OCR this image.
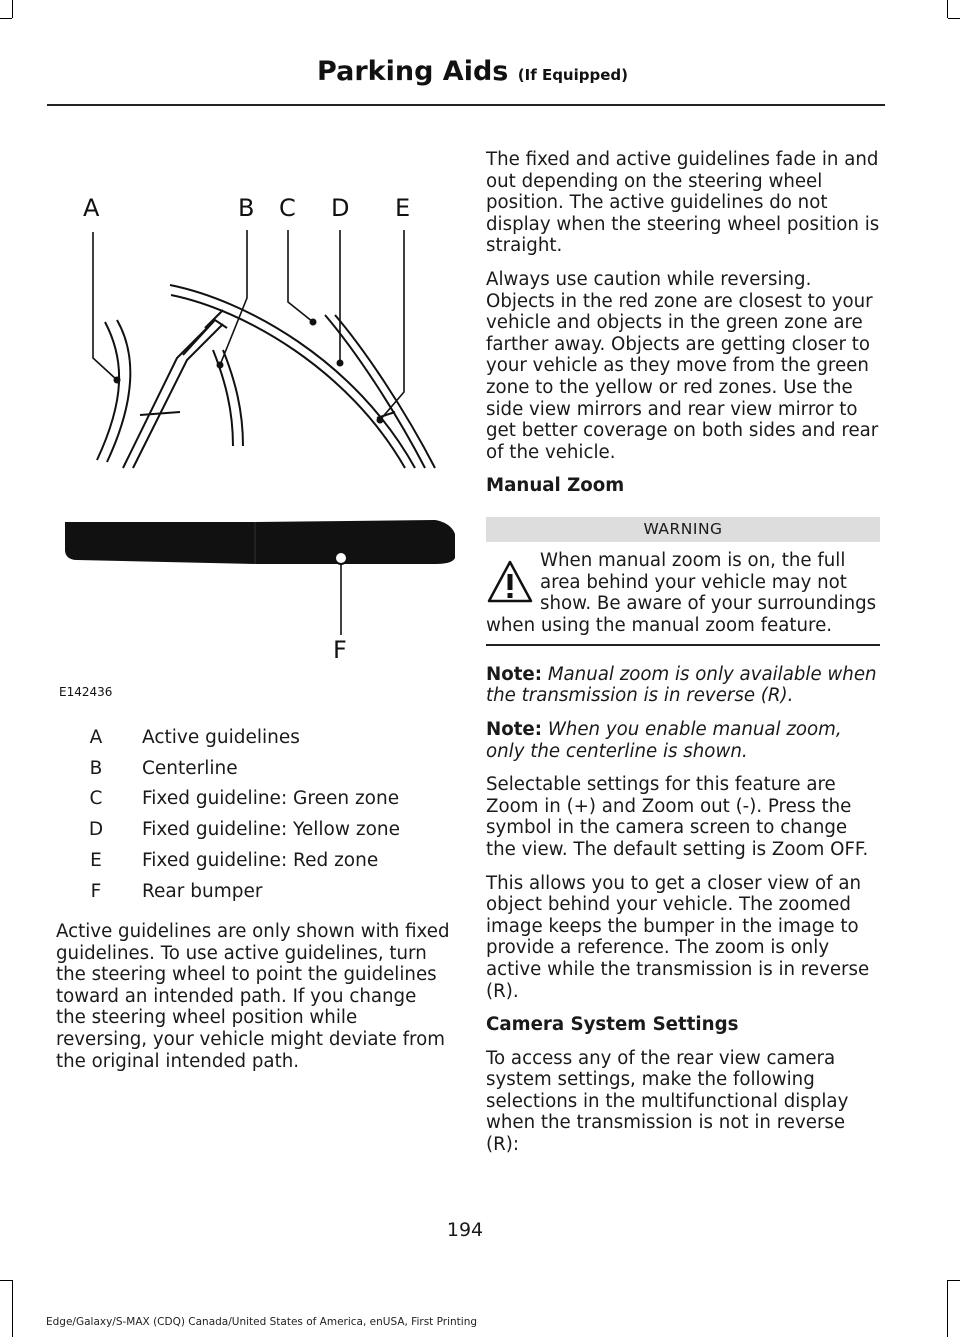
Parking Aids (If Equipped)
A	B C D E
F
E142436
A	Active guidelines
B	Centerline
C	Fixed guideline: Green zone
D	Fixed guideline: Yellow zone
E	Fixed guideline: Red zone
F	Rear bumper

Active guidelines are only shown with fixed guidelines. To use active guidelines, turn the steering wheel to point the guidelines toward an intended path. If you change the steering wheel position while reversing, your vehicle might deviate from the original intended path.

The fixed and active guidelines fade in and out depending on the steering wheel position. The active guidelines do not display when the steering wheel position is straight.

Always use caution while reversing. Objects in the red zone are closest to your vehicle and objects in the green zone are farther away. Objects are getting closer to your vehicle as they move from the green zone to the yellow or red zones. Use the side view mirrors and rear view mirror to get better coverage on both sides and rear of the vehicle.

Manual Zoom

WARNING
When manual zoom is on, the full area behind your vehicle may not show. Be aware of your surroundings when using the manual zoom feature.

Note: Manual zoom is only available when the transmission is in reverse (R).

Note: When you enable manual zoom, only the centerline is shown.

Selectable settings for this feature are Zoom in (+) and Zoom out (-). Press the symbol in the camera screen to change the view. The default setting is Zoom OFF.

This allows you to get a closer view of an object behind your vehicle. The zoomed image keeps the bumper in the image to provide a reference. The zoom is only active while the transmission is in reverse (R).

Camera System Settings

To access any of the rear view camera system settings, make the following selections in the multifunctional display when the transmission is not in reverse (R):

194
Edge/Galaxy/S-MAX (CDQ) Canada/United States of America, enUSA, First Printing
